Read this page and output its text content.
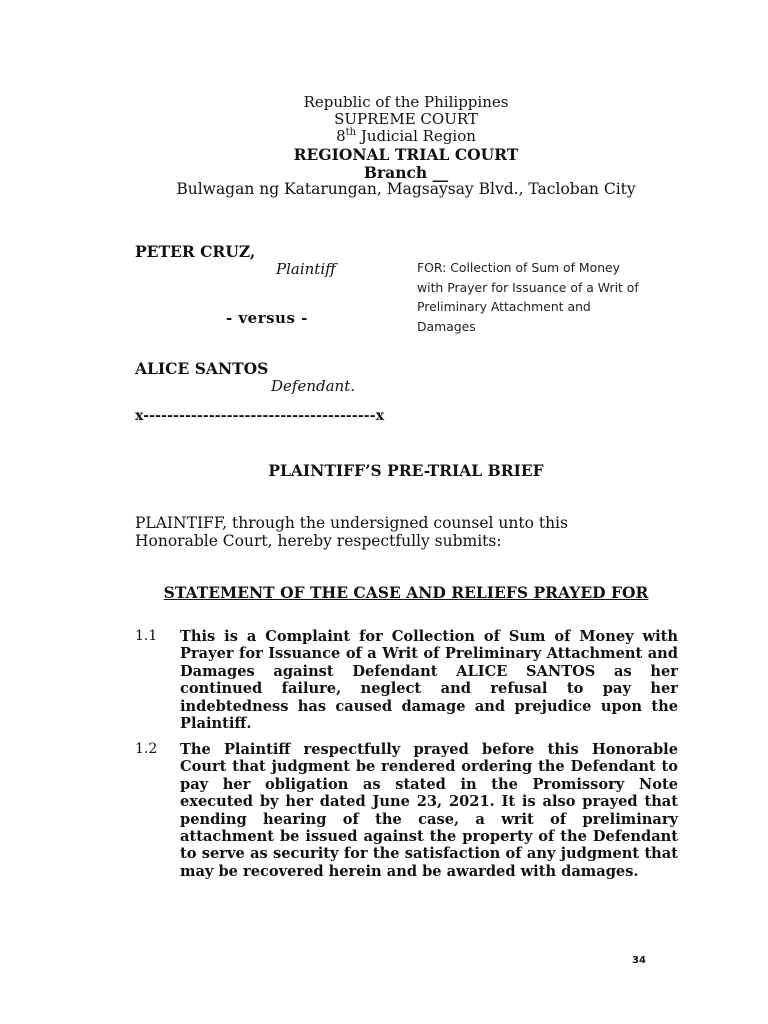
Republic of the Philippines
SUPREME COURT
8th Judicial Region
REGIONAL TRIAL COURT
Branch __
Bulwagan ng Katarungan, Magsaysay Blvd., Tacloban City
PETER CRUZ,
Plaintiff
- versus -
ALICE SANTOS
Defendant.
x---------------------------------------x
FOR: Collection of Sum of Money
with Prayer for Issuance of a Writ of
Preliminary Attachment and
Damages
PLAINTIFF’S PRE-TRIAL BRIEF
PLAINTIFF, through the undersigned counsel unto this Honorable Court, hereby respectfully submits:
STATEMENT OF THE CASE AND RELIEFS PRAYED FOR
1.1 This is a Complaint for Collection of Sum of Money with Prayer for Issuance of a Writ of Preliminary Attachment and Damages against Defendant ALICE SANTOS as her continued failure, neglect and refusal to pay her indebtedness has caused damage and prejudice upon the Plaintiff.
1.2 The Plaintiff respectfully prayed before this Honorable Court that judgment be rendered ordering the Defendant to pay her obligation as stated in the Promissory Note executed by her dated June 23, 2021. It is also prayed that pending hearing of the case, a writ of preliminary attachment be issued against the property of the Defendant to serve as security for the satisfaction of any judgment that may be recovered herein and be awarded with damages.
34
